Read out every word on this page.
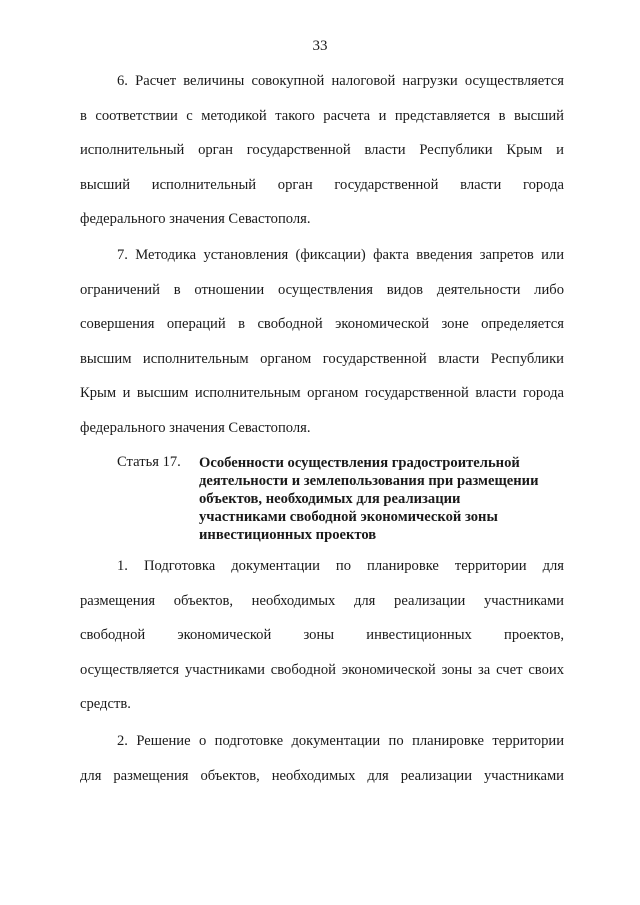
33

6. Расчет величины совокупной налоговой нагрузки осуществляется
в соответствии с методикой такого расчета и представляется в высший
исполнительный орган государственной власти Республики Крым и
высший исполнительный орган государственной власти города
федерального значения Севастополя.

7. Методика установления (фиксации) факта введения запретов или
ограничений в отношении осуществления видов деятельности либо
совершения операций в свободной экономической зоне определяется
высшим исполнительным органом государственной власти Республики
Крым и высшим исполнительным органом государственной власти города
федерального значения Севастополя.

Статья 17. Особенности осуществления градостроительной
деятельности и землепользования при размещении
объектов, необходимых для реализации
участниками свободной экономической зоны
инвестиционных проектов

1. Подготовка документации по планировке территории для
размещения объектов, необходимых для реализации участниками
свободной экономической зоны инвестиционных проектов,
осуществляется участниками свободной экономической зоны за счет своих
средств.

2. Решение о подготовке документации по планировке территории
для размещения объектов, необходимых для реализации участниками
